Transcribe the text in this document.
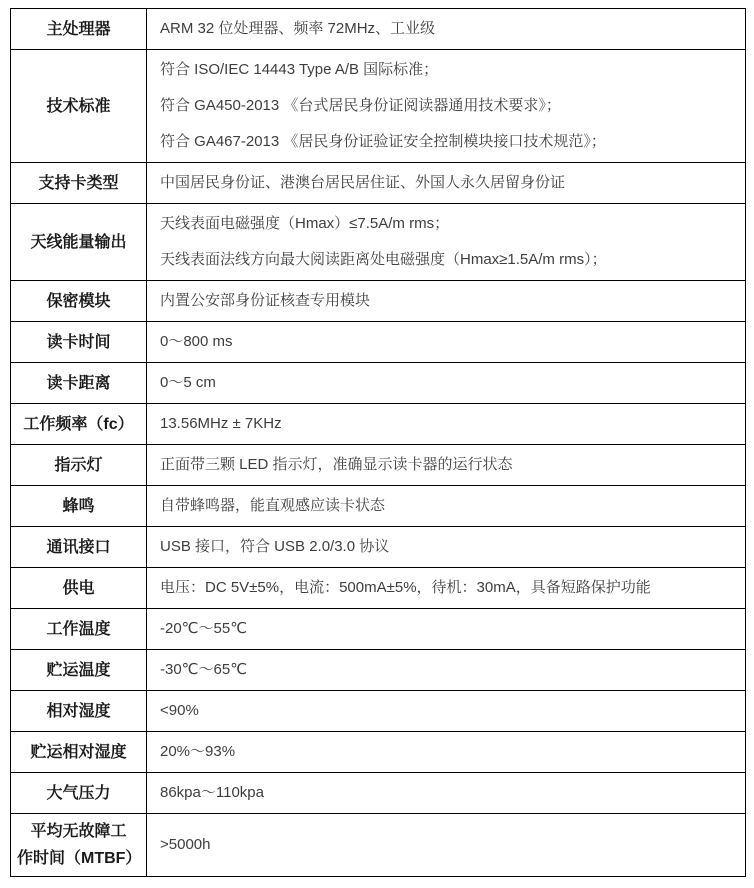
主处理器	ARM 32 位处理器、频率 72MHz、工业级

技术标准	符合 ISO/IEC 14443 Type A/B 国际标准；
符合 GA450-2013 《台式居民身份证阅读器通用技术要求》；
符合 GA467-2013 《居民身份证验证安全控制模块接口技术规范》；

支持卡类型	中国居民身份证、港澳台居民居住证、外国人永久居留身份证

天线能量输出	天线表面电磁强度（Hmax）≤7.5A/m rms；
天线表面法线方向最大阅读距离处电磁强度（Hmax≥1.5A/m rms）；

保密模块	内置公安部身份证核查专用模块

读卡时间	0～800 ms

读卡距离	0～5 cm

工作频率（fc）	13.56MHz ± 7KHz

指示灯	正面带三颗 LED 指示灯，准确显示读卡器的运行状态

蜂鸣	自带蜂鸣器，能直观感应读卡状态

通讯接口	USB 接口，符合 USB 2.0/3.0 协议

供电	电压：DC 5V±5%，电流：500mA±5%，待机：30mA，具备短路保护功能

工作温度	-20℃～55℃

贮运温度	-30℃～65℃

相对湿度	<90%

贮运相对湿度	20%～93%

大气压力	86kpa～110kpa

平均无故障工
作时间（MTBF）	>5000h
